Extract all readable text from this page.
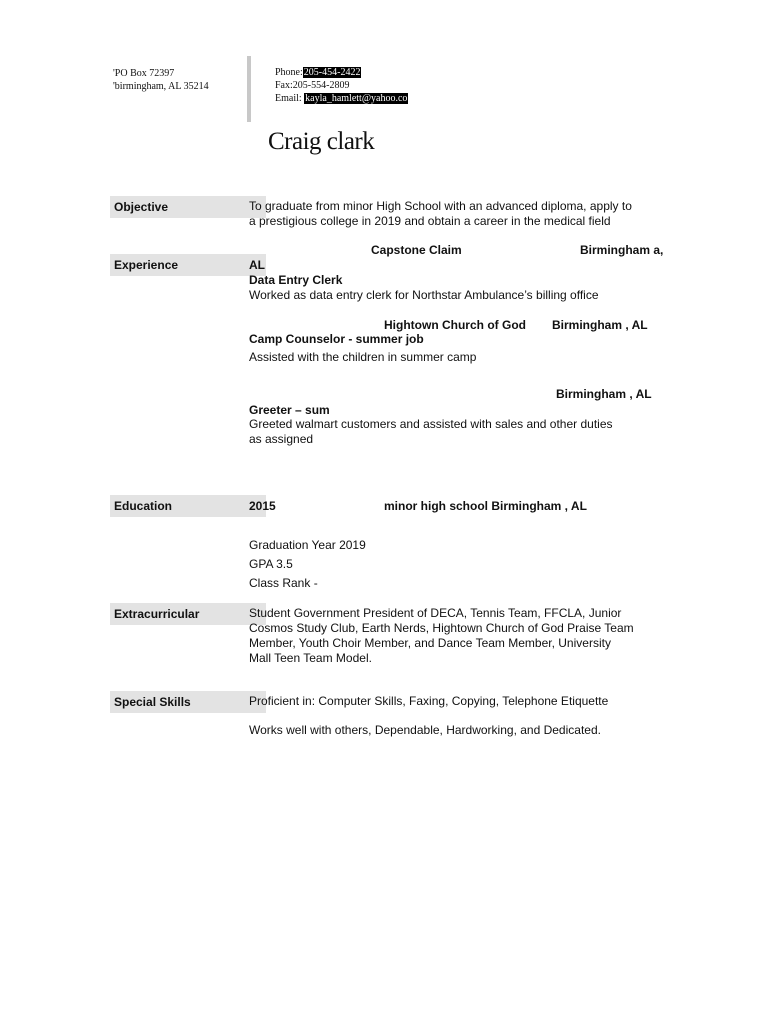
'PO Box 72397
'birmingham, AL 35214
Phone:205-454-2422
Fax:205-554-2809
Email: kayla_hamlett@yahoo.co
Craig clark
Objective	To graduate from minor High School with an advanced diploma, apply to
a prestigious college in 2019 and obtain a career in the medical field
Experience
Capstone Claim	Birmingham a,
AL
Data Entry Clerk
Worked as data entry clerk for Northstar Ambulance’s billing office
Hightown Church of God Birmingham , AL
Camp Counselor - summer job
Assisted with the children in summer camp
Birmingham , AL
Greeter – sum
Greeted walmart customers and assisted with sales and other duties
as assigned
Education	2015	minor high school Birmingham , AL
Graduation Year 2019
GPA 3.5
Class Rank -
Extracurricular	Student Government President of DECA, Tennis Team, FFCLA, Junior
Cosmos Study Club, Earth Nerds, Hightown Church of God Praise Team
Member, Youth Choir Member, and Dance Team Member, University
Mall Teen Team Model.
Special Skills	Proficient in: Computer Skills, Faxing, Copying, Telephone Etiquette
Works well with others, Dependable, Hardworking, and Dedicated.
